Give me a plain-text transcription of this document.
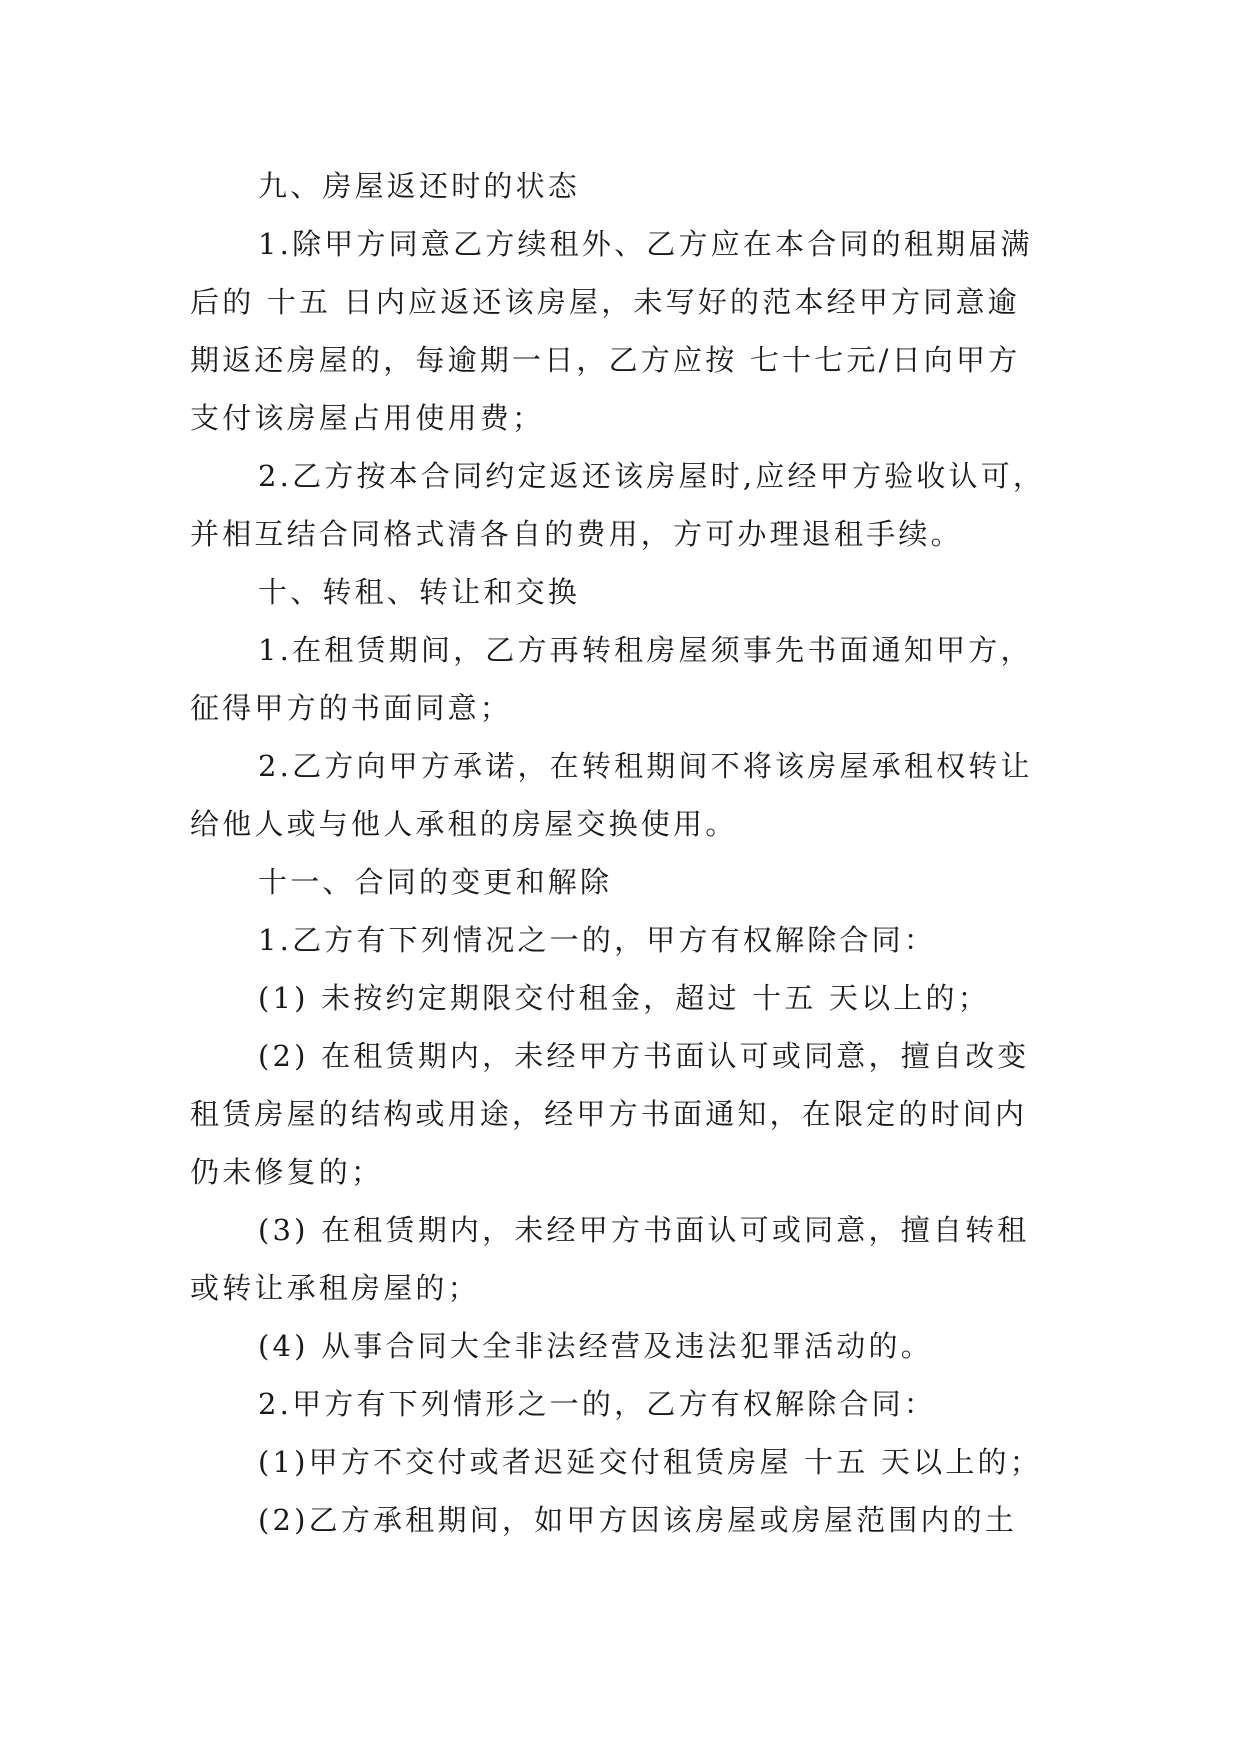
九、房屋返还时的状态
1.除甲方同意乙方续租外、乙方应在本合同的租期届满
后的 十五 日内应返还该房屋，未写好的范本经甲方同意逾
期返还房屋的，每逾期一日，乙方应按 七十七元/日向甲方
支付该房屋占用使用费；
2.乙方按本合同约定返还该房屋时,应经甲方验收认可，
并相互结合同格式清各自的费用，方可办理退租手续。
十、转租、转让和交换
1.在租赁期间，乙方再转租房屋须事先书面通知甲方，
征得甲方的书面同意；
2.乙方向甲方承诺，在转租期间不将该房屋承租权转让
给他人或与他人承租的房屋交换使用。
十一、合同的变更和解除
1.乙方有下列情况之一的，甲方有权解除合同：
(1) 未按约定期限交付租金，超过 十五 天以上的；
(2) 在租赁期内，未经甲方书面认可或同意，擅自改变
租赁房屋的结构或用途，经甲方书面通知，在限定的时间内
仍未修复的；
(3) 在租赁期内，未经甲方书面认可或同意，擅自转租
或转让承租房屋的；
(4) 从事合同大全非法经营及违法犯罪活动的。
2.甲方有下列情形之一的，乙方有权解除合同：
(1)甲方不交付或者迟延交付租赁房屋 十五 天以上的；
(2)乙方承租期间，如甲方因该房屋或房屋范围内的土
